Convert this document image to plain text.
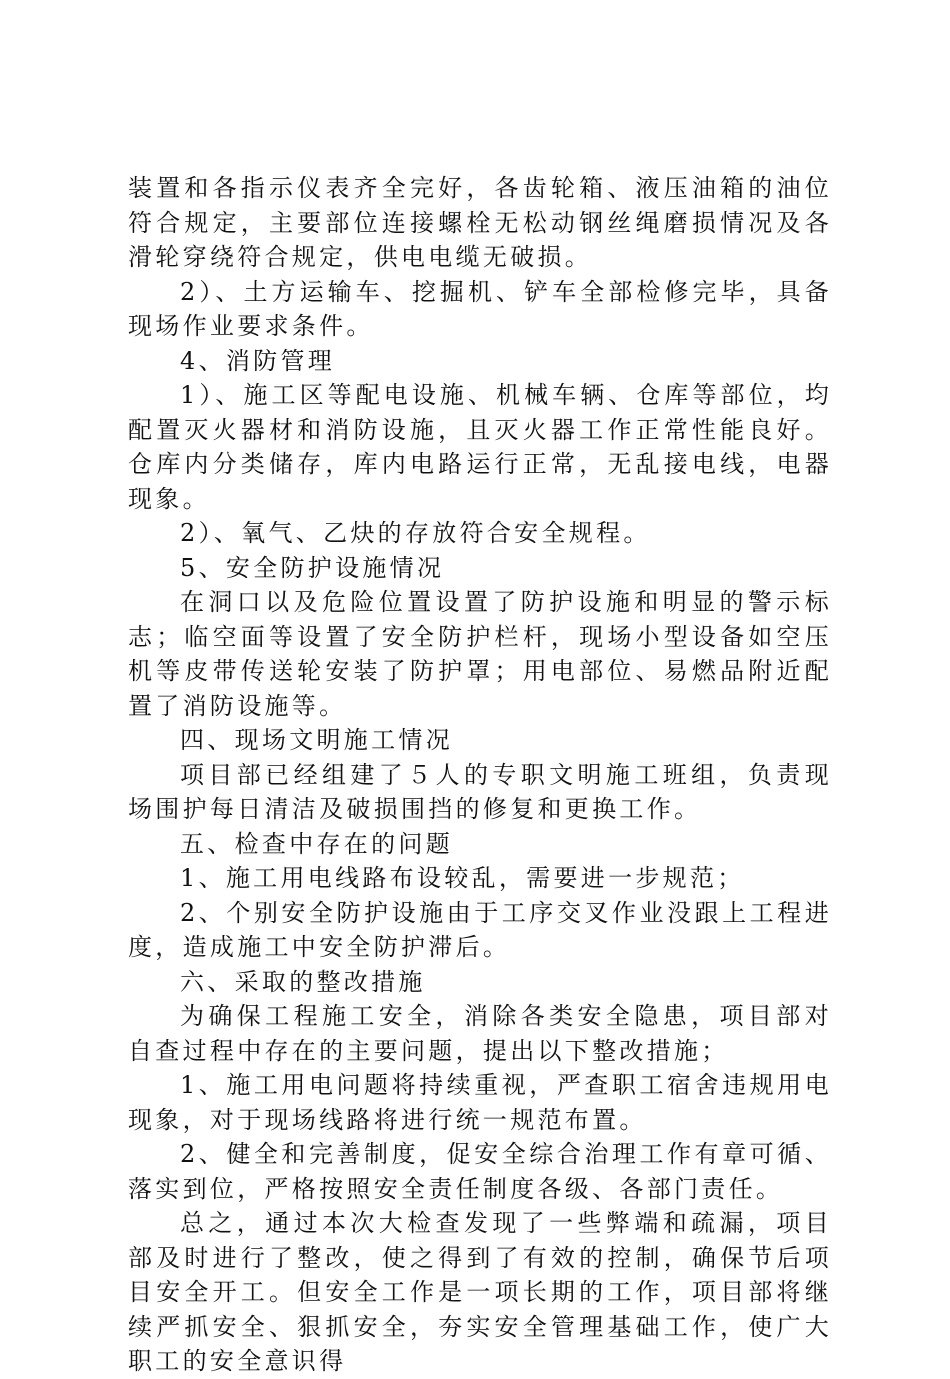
装置和各指示仪表齐全完好，各齿轮箱、液压油箱的油位符合规定，主要部位连接螺栓无松动钢丝绳磨损情况及各滑轮穿绕符合规定，供电电缆无破损。

2）、土方运输车、挖掘机、铲车全部检修完毕，具备现场作业要求条件。

4、消防管理

1）、施工区等配电设施、机械车辆、仓库等部位，均配置灭火器材和消防设施，且灭火器工作正常性能良好。仓库内分类储存，库内电路运行正常，无乱接电线，电器现象。

2）、氧气、乙炔的存放符合安全规程。

5、安全防护设施情况

在洞口以及危险位置设置了防护设施和明显的警示标志；临空面等设置了安全防护栏杆，现场小型设备如空压机等皮带传送轮安装了防护罩；用电部位、易燃品附近配置了消防设施等。

四、现场文明施工情况

项目部已经组建了５人的专职文明施工班组，负责现场围护每日清洁及破损围挡的修复和更换工作。

五、检查中存在的问题

1、施工用电线路布设较乱，需要进一步规范；

2、个别安全防护设施由于工序交叉作业没跟上工程进度，造成施工中安全防护滞后。

六、采取的整改措施

为确保工程施工安全，消除各类安全隐患，项目部对自查过程中存在的主要问题，提出以下整改措施；

1、施工用电问题将持续重视，严查职工宿舍违规用电现象，对于现场线路将进行统一规范布置。

2、健全和完善制度，促安全综合治理工作有章可循、落实到位，严格按照安全责任制度各级、各部门责任。

总之，通过本次大检查发现了一些弊端和疏漏，项目部及时进行了整改，使之得到了有效的控制，确保节后项目安全开工。但安全工作是一项长期的工作，项目部将继续严抓安全、狠抓安全，夯实安全管理基础工作，使广大职工的安全意识得
